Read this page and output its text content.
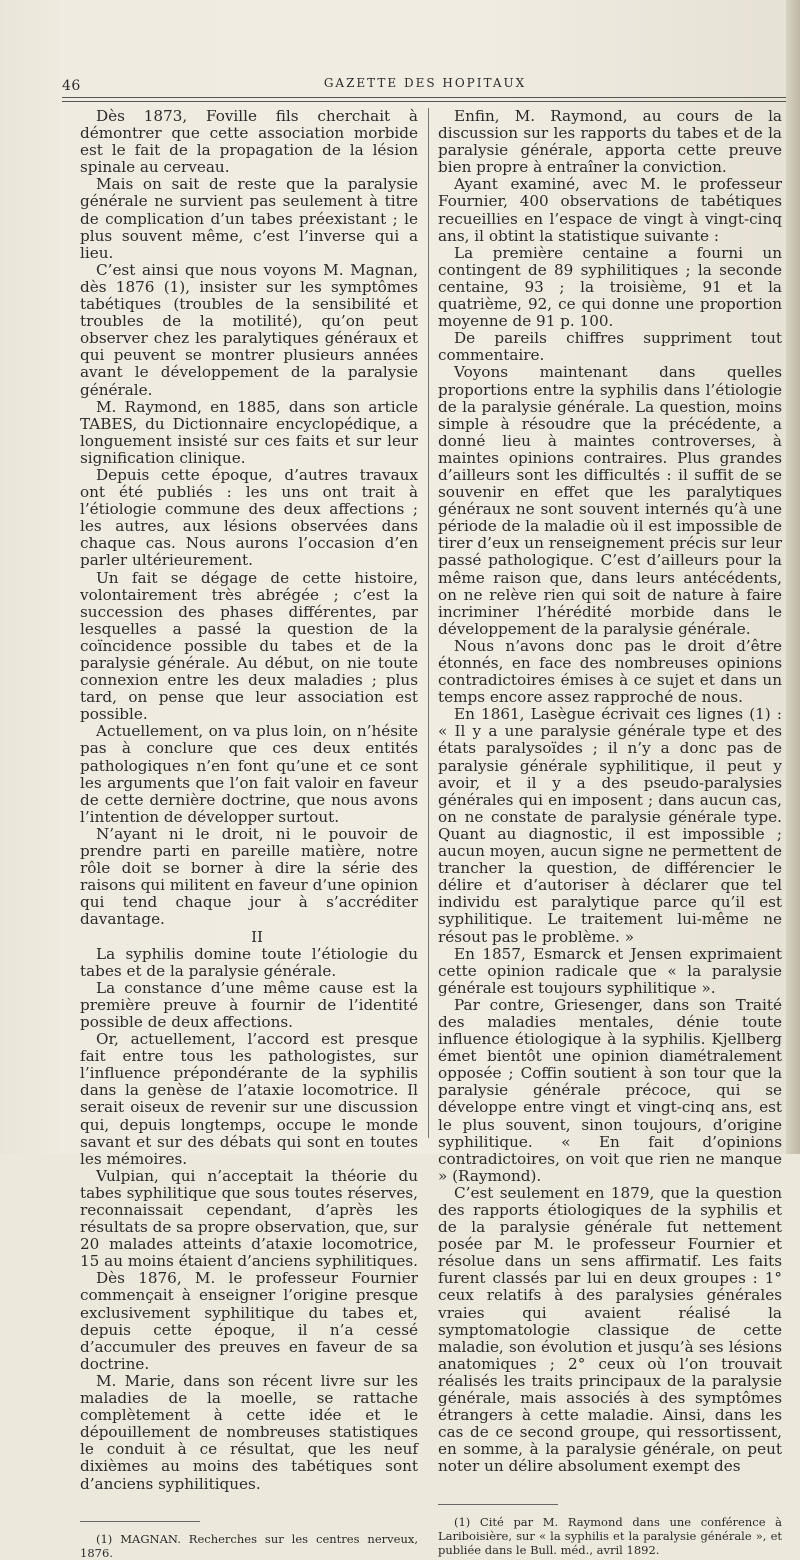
46	GAZETTE DES HOPITAUX

Dès 1873, Foville fils cherchait à démontrer que cette association morbide est le fait de la propagation de la lésion spinale au cerveau.

Mais on sait de reste que la paralysie générale ne survient pas seulement à titre de complication d’un tabes préexistant ; le plus souvent même, c’est l’inverse qui a lieu.

C’est ainsi que nous voyons M. Magnan, dès 1876 (1), insister sur les symptômes tabétiques (troubles de la sensibilité et troubles de la motilité), qu’on peut observer chez les paralytiques généraux et qui peuvent se montrer plusieurs années avant le développement de la paralysie générale.

M. Raymond, en 1885, dans son article TABES, du Dictionnaire encyclopédique, a longuement insisté sur ces faits et sur leur signification clinique.

Depuis cette époque, d’autres travaux ont été publiés : les uns ont trait à l’étiologie commune des deux affections ; les autres, aux lésions observées dans chaque cas. Nous aurons l’occasion d’en parler ultérieurement.

Un fait se dégage de cette histoire, volontairement très abrégée ; c’est la succession des phases différentes, par lesquelles a passé la question de la coïncidence possible du tabes et de la paralysie générale. Au début, on nie toute connexion entre les deux maladies ; plus tard, on pense que leur association est possible.

Actuellement, on va plus loin, on n’hésite pas à conclure que ces deux entités pathologiques n’en font qu’une et ce sont les arguments que l’on fait valoir en faveur de cette dernière doctrine, que nous avons l’intention de développer surtout.

N’ayant ni le droit, ni le pouvoir de prendre parti en pareille matière, notre rôle doit se borner à dire la série des raisons qui militent en faveur d’une opinion qui tend chaque jour à s’accréditer davantage.

II

La syphilis domine toute l’étiologie du tabes et de la paralysie générale.

La constance d’une même cause est la première preuve à fournir de l’identité possible de deux affections.

Or, actuellement, l’accord est presque fait entre tous les pathologistes, sur l’influence prépondérante de la syphilis dans la genèse de l’ataxie locomotrice. Il serait oiseux de revenir sur une discussion qui, depuis longtemps, occupe le monde savant et sur des débats qui sont en toutes les mémoires.

Vulpian, qui n’acceptait la théorie du tabes syphilitique que sous toutes réserves, reconnaissait cependant, d’après les résultats de sa propre observation, que, sur 20 malades atteints d’ataxie locomotrice, 15 au moins étaient d’anciens syphilitiques.

Dès 1876, M. le professeur Fournier commençait à enseigner l’origine presque exclusivement syphilitique du tabes et, depuis cette époque, il n’a cessé d’accumuler des preuves en faveur de sa doctrine.

M. Marie, dans son récent livre sur les maladies de la moelle, se rattache complètement à cette idée et le dépouillement de nombreuses statistiques le conduit à ce résultat, que les neuf dixièmes au moins des tabétiques sont d’anciens syphilitiques.

(1) MAGNAN. Recherches sur les centres nerveux, 1876.

Enfin, M. Raymond, au cours de la discussion sur les rapports du tabes et de la paralysie générale, apporta cette preuve bien propre à entraîner la conviction.

Ayant examiné, avec M. le professeur Fournier, 400 observations de tabétiques recueillies en l’espace de vingt à vingt-cinq ans, il obtint la statistique suivante :

La première centaine a fourni un contingent de 89 syphilitiques ; la seconde centaine, 93 ; la troisième, 91 et la quatrième, 92, ce qui donne une proportion moyenne de 91 p. 100.

De pareils chiffres suppriment tout commentaire.

Voyons maintenant dans quelles proportions entre la syphilis dans l’étiologie de la paralysie générale. La question, moins simple à résoudre que la précédente, a donné lieu à maintes controverses, à maintes opinions contraires. Plus grandes d’ailleurs sont les difficultés : il suffit de se souvenir en effet que les paralytiques généraux ne sont souvent internés qu’à une période de la maladie où il est impossible de tirer d’eux un renseignement précis sur leur passé pathologique. C’est d’ailleurs pour la même raison que, dans leurs antécédents, on ne relève rien qui soit de nature à faire incriminer l’hérédité morbide dans le développement de la paralysie générale.

Nous n’avons donc pas le droit d’être étonnés, en face des nombreuses opinions contradictoires émises à ce sujet et dans un temps encore assez rapproché de nous.

En 1861, Lasègue écrivait ces lignes (1) : « Il y a une paralysie générale type et des états paralysoïdes ; il n’y a donc pas de paralysie générale syphilitique, il peut y avoir, et il y a des pseudo-paralysies générales qui en imposent ; dans aucun cas, on ne constate de paralysie générale type. Quant au diagnostic, il est impossible ; aucun moyen, aucun signe ne permettent de trancher la question, de différencier le délire et d’autoriser à déclarer que tel individu est paralytique parce qu’il est syphilitique. Le traitement lui-même ne résout pas le problème. »

En 1857, Esmarck et Jensen exprimaient cette opinion radicale que « la paralysie générale est toujours syphilitique ».

Par contre, Griesenger, dans son Traité des maladies mentales, dénie toute influence étiologique à la syphilis. Kjellberg émet bientôt une opinion diamétralement opposée ; Coffin soutient à son tour que la paralysie générale précoce, qui se développe entre vingt et vingt-cinq ans, est le plus souvent, sinon toujours, d’origine syphilitique. « En fait d’opinions contradictoires, on voit que rien ne manque » (Raymond).

C’est seulement en 1879, que la question des rapports étiologiques de la syphilis et de la paralysie générale fut nettement posée par M. le professeur Fournier et résolue dans un sens affirmatif. Les faits furent classés par lui en deux groupes : 1° ceux relatifs à des paralysies générales vraies qui avaient réalisé la symptomatologie classique de cette maladie, son évolution et jusqu’à ses lésions anatomiques ; 2° ceux où l’on trouvait réalisés les traits principaux de la paralysie générale, mais associés à des symptômes étrangers à cette maladie. Ainsi, dans les cas de ce second groupe, qui ressortissent, en somme, à la paralysie générale, on peut noter un délire absolument exempt des

(1) Cité par M. Raymond dans une conférence à Lariboisière, sur « la syphilis et la paralysie générale », et publiée dans le Bull. méd., avril 1892.
